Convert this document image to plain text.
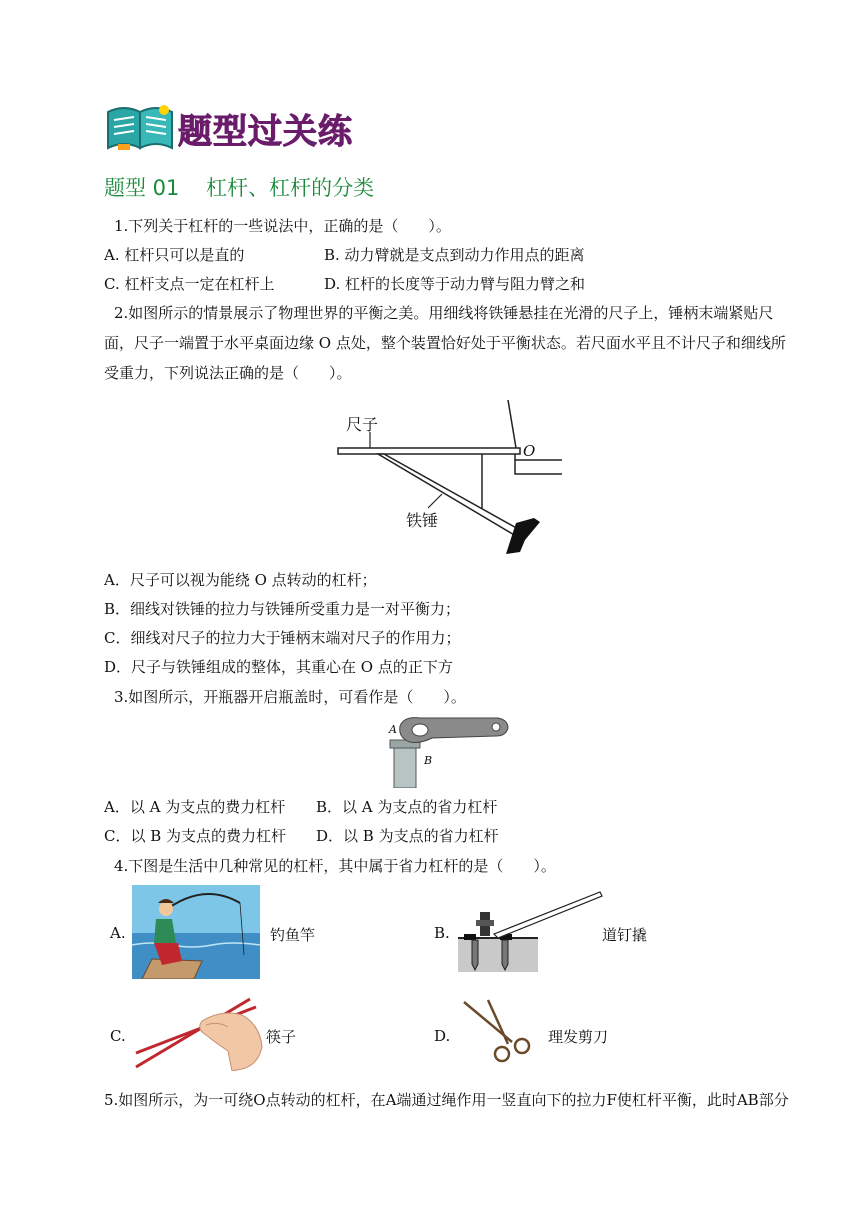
题型过关练
题型 01    杠杆、杠杆的分类
1.下列关于杠杆的一些说法中，正确的是（　　）。
A. 杠杆只可以是直的	B. 动力臂就是支点到动力作用点的距离
C. 杠杆支点一定在杠杆上	D. 杠杆的长度等于动力臂与阻力臂之和
2.如图所示的情景展示了物理世界的平衡之美。用细线将铁锤悬挂在光滑的尺子上，锤柄末端紧贴尺面，尺子一端置于水平桌面边缘 O 点处，整个装置恰好处于平衡状态。若尺面水平且不计尺子和细线所受重力，下列说法正确的是（　　）。
尺子
铁锤
O
A．尺子可以视为能绕 O 点转动的杠杆；
B．细线对铁锤的拉力与铁锤所受重力是一对平衡力；
C．细线对尺子的拉力大于锤柄末端对尺子的作用力；
D．尺子与铁锤组成的整体，其重心在 O 点的正下方
3.如图所示，开瓶器开启瓶盖时，可看作是（　　）。
A
B
A．以 A 为支点的费力杠杆 B．以 A 为支点的省力杠杆
C．以 B 为支点的费力杠杆 D．以 B 为支点的省力杠杆
4.下图是生活中几种常见的杠杆，其中属于省力杠杆的是（　　）。
A.	钓鱼竿	B.	道钉撬
C.	筷子	D.	理发剪刀
5.如图所示，为一可绕O点转动的杠杆，在A端通过绳作用一竖直向下的拉力F使杠杆平衡，此时AB部分
